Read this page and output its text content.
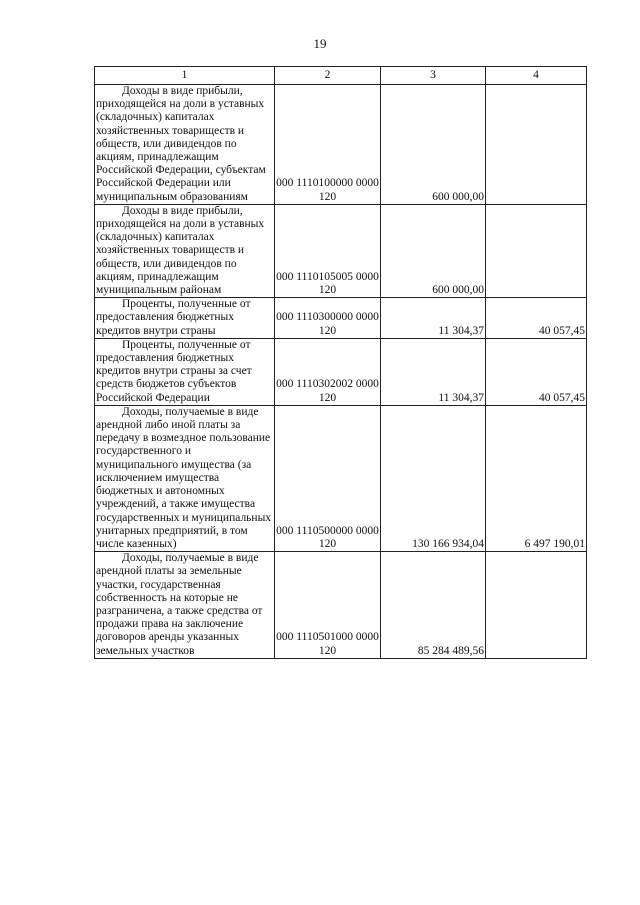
19
1	2	3	4
Доходы в виде прибыли, приходящейся на доли в уставных (складочных) капиталах хозяйственных товариществ и обществ, или дивидендов по акциям, принадлежащим Российской Федерации, субъектам Российской Федерации или муниципальным образованиям	000 1110100000 0000 120	600 000,00	
Доходы в виде прибыли, приходящейся на доли в уставных (складочных) капиталах хозяйственных товариществ и обществ, или дивидендов по акциям, принадлежащим муниципальным районам	000 1110105005 0000 120	600 000,00	
Проценты, полученные от предоставления бюджетных кредитов внутри страны	000 1110300000 0000 120	11 304,37	40 057,45
Проценты, полученные от предоставления бюджетных кредитов внутри страны за счет средств бюджетов субъектов Российской Федерации	000 1110302002 0000 120	11 304,37	40 057,45
Доходы, получаемые в виде арендной либо иной платы за передачу в возмездное пользование государственного и муниципального имущества (за исключением имущества бюджетных и автономных учреждений, а также имущества государственных и муниципальных унитарных предприятий, в том числе казенных)	000 1110500000 0000 120	130 166 934,04	6 497 190,01
Доходы, получаемые в виде арендной платы за земельные участки, государственная собственность на которые не разграничена, а также средства от продажи права на заключение договоров аренды указанных земельных участков	000 1110501000 0000 120	85 284 489,56	
